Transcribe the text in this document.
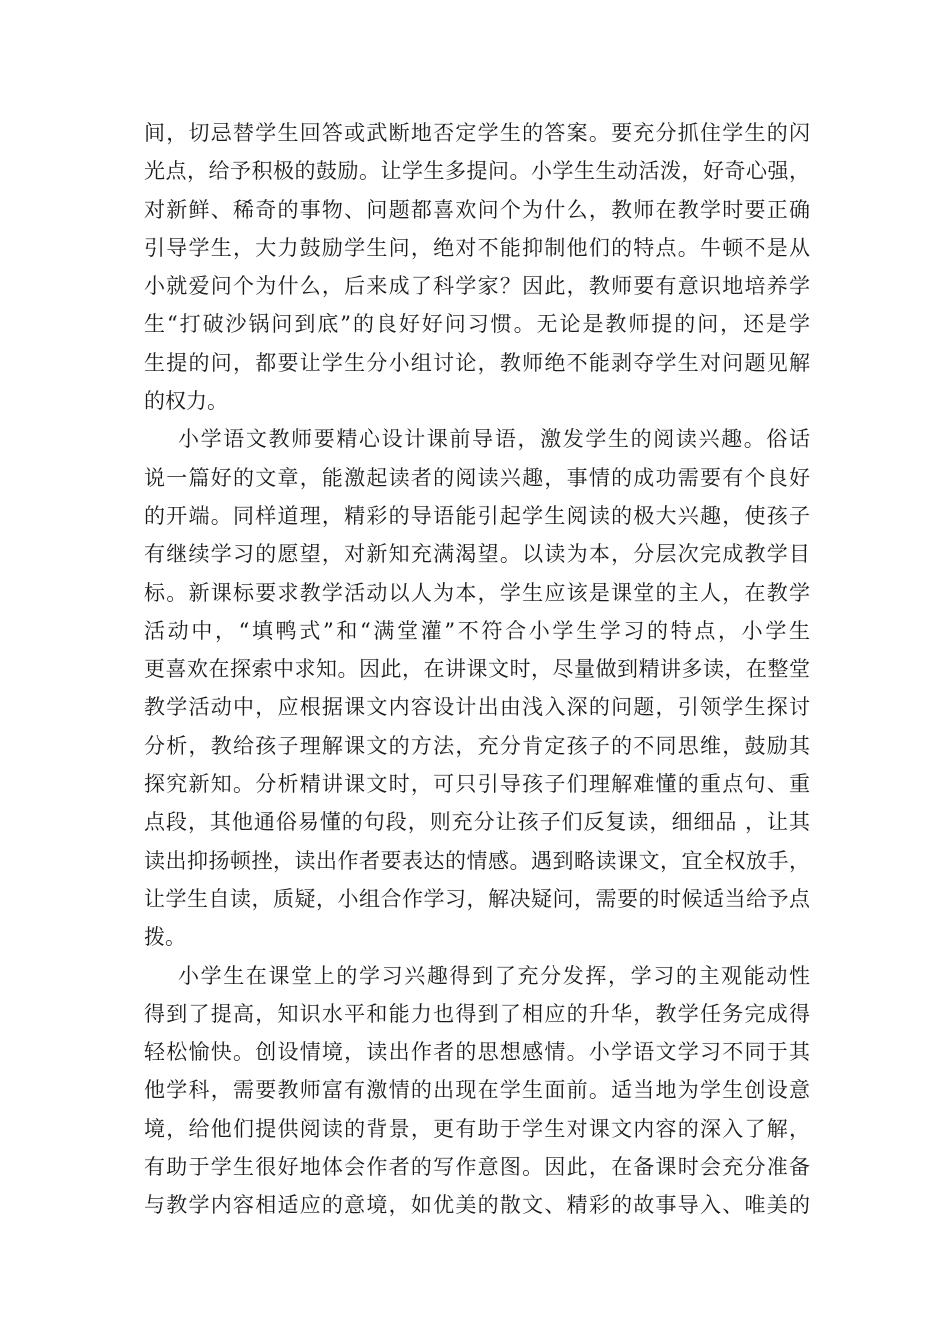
间，切忌替学生回答或武断地否定学生的答案。要充分抓住学生的闪
光点，给予积极的鼓励。让学生多提问。小学生生动活泼，好奇心强，
对新鲜、稀奇的事物、问题都喜欢问个为什么，教师在教学时要正确
引导学生，大力鼓励学生问，绝对不能抑制他们的特点。牛顿不是从
小就爱问个为什么，后来成了科学家？因此，教师要有意识地培养学
生“打破沙锅问到底”的良好好问习惯。无论是教师提的问，还是学
生提的问，都要让学生分小组讨论，教师绝不能剥夺学生对问题见解
的权力。
小学语文教师要精心设计课前导语，激发学生的阅读兴趣。俗话
说一篇好的文章，能激起读者的阅读兴趣，事情的成功需要有个良好
的开端。同样道理，精彩的导语能引起学生阅读的极大兴趣，使孩子
有继续学习的愿望，对新知充满渴望。以读为本，分层次完成教学目
标。新课标要求教学活动以人为本，学生应该是课堂的主人，在教学
活动中，“填鸭式”和“满堂灌”不符合小学生学习的特点，小学生
更喜欢在探索中求知。因此，在讲课文时，尽量做到精讲多读，在整堂
教学活动中，应根据课文内容设计出由浅入深的问题，引领学生探讨
分析，教给孩子理解课文的方法，充分肯定孩子的不同思维，鼓励其
探究新知。分析精讲课文时，可只引导孩子们理解难懂的重点句、重
点段，其他通俗易懂的句段，则充分让孩子们反复读，细细品 ，让其
读出抑扬顿挫，读出作者要表达的情感。遇到略读课文，宜全权放手，
让学生自读，质疑，小组合作学习，解决疑问，需要的时候适当给予点
拨。
小学生在课堂上的学习兴趣得到了充分发挥，学习的主观能动性
得到了提高，知识水平和能力也得到了相应的升华，教学任务完成得
轻松愉快。创设情境，读出作者的思想感情。小学语文学习不同于其
他学科，需要教师富有激情的出现在学生面前。适当地为学生创设意
境，给他们提供阅读的背景，更有助于学生对课文内容的深入了解，
有助于学生很好地体会作者的写作意图。因此，在备课时会充分准备
与教学内容相适应的意境，如优美的散文、精彩的故事导入、唯美的
